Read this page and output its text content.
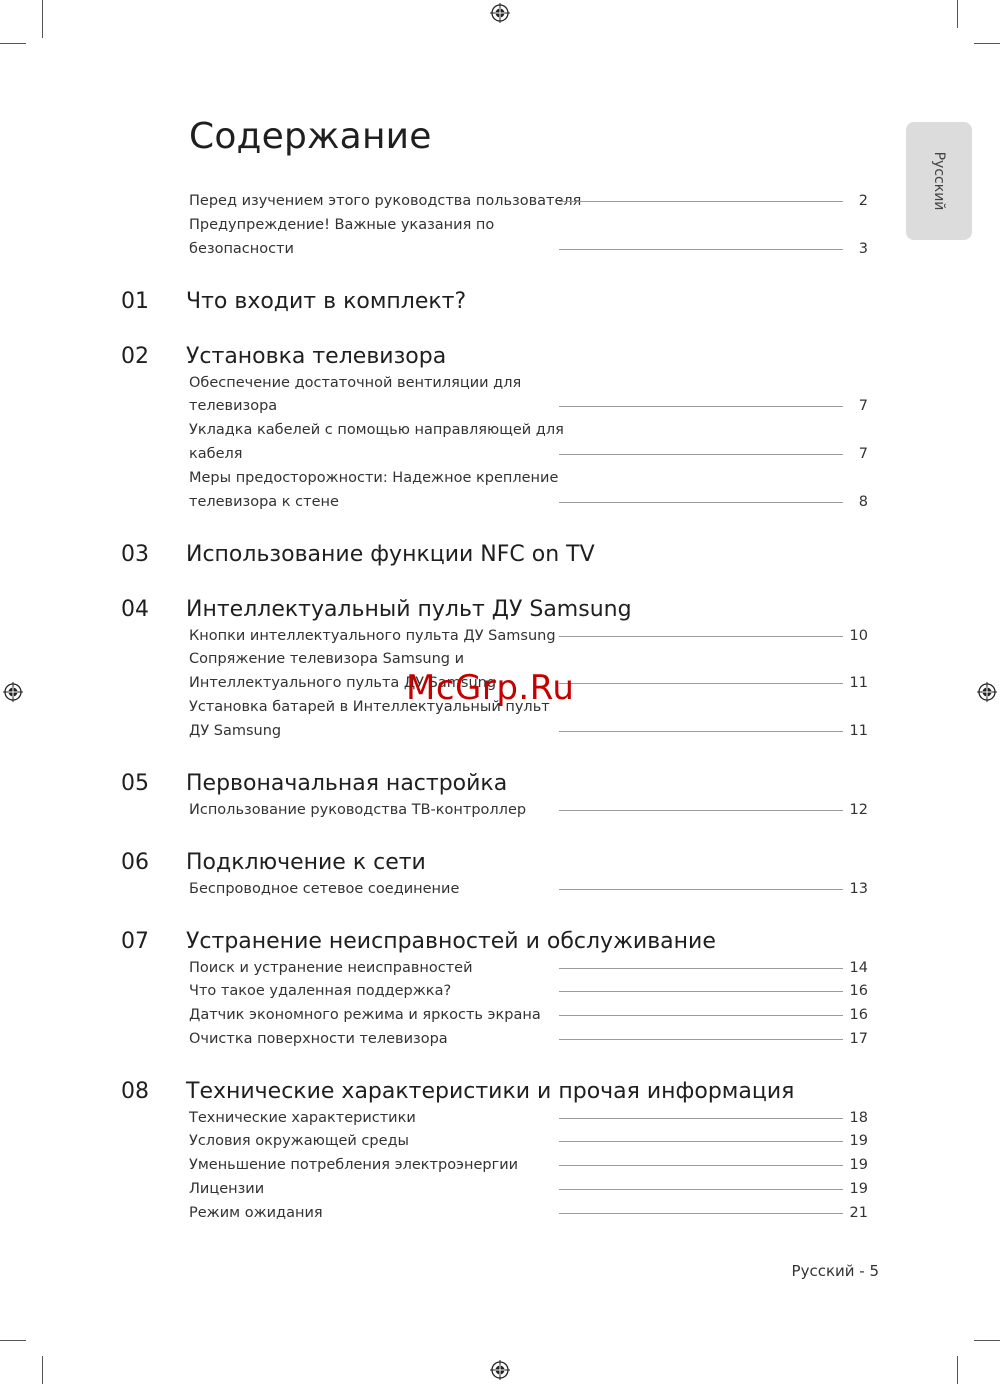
Содержание
Русский
Перед изучением этого руководства пользователя	2
Предупреждение! Важные указания по
безопасности	3
01 Что входит в комплект?
02 Установка телевизора
Обеспечение достаточной вентиляции для
телевизора	7
Укладка кабелей с помощью направляющей для
кабеля	7
Меры предосторожности: Надежное крепление
телевизора к стене	8
03 Использование функции NFC on TV
04 Интеллектуальный пульт ДУ Samsung
Кнопки интеллектуального пульта ДУ Samsung	10
Сопряжение телевизора Samsung и
Интеллектуального пульта ДУ Samsung	11
Установка батарей в Интеллектуальный пульт
ДУ Samsung	11
05 Первоначальная настройка
Использование руководства ТВ-контроллер	12
06 Подключение к сети
Беспроводное сетевое соединение	13
07 Устранение неисправностей и обслуживание
Поиск и устранение неисправностей	14
Что такое удаленная поддержка?	16
Датчик экономного режима и яркость экрана	16
Очистка поверхности телевизора	17
08 Технические характеристики и прочая информация
Технические характеристики	18
Условия окружающей среды	19
Уменьшение потребления электроэнергии	19
Лицензии	19
Режим ожидания	21
McGrp.Ru
Русский - 5
